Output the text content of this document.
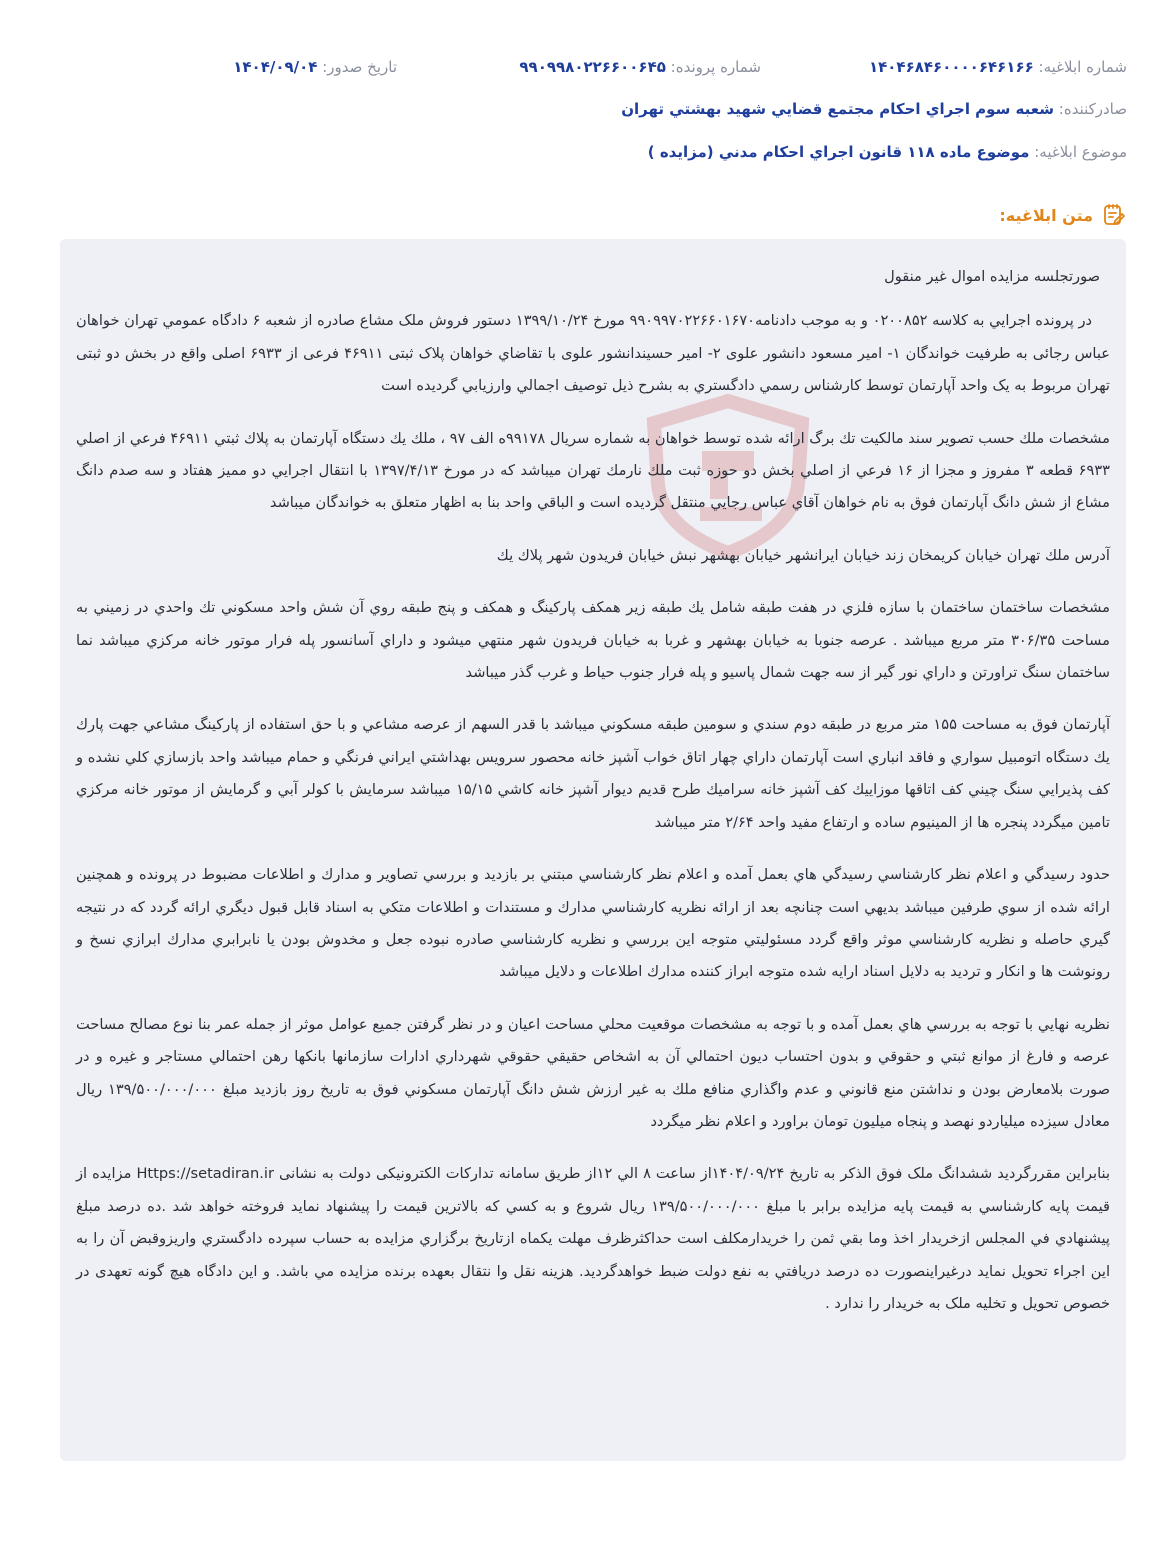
شماره ابلاغيه: ۱۴۰۴۶۸۴۶۰۰۰۰۶۴۶۱۶۶
شماره پرونده: ۹۹۰۹۹۸۰۲۲۶۶۰۰۶۴۵
تاريخ صدور: ۱۴۰۴/۰۹/۰۴
صادرکننده: شعبه سوم اجراي احكام مجتمع قضايي شهيد بهشتي تهران
موضوع ابلاغيه: موضوع ماده ۱۱۸ قانون اجراي احكام مدني (مزايده )
متن ابلاغيه:

صورتجلسه مزايده اموال غير منقول

در پرونده اجرايي به كلاسه ۰۲۰۰۸۵۲ و به موجب دادنامه۹۹۰۹۹۷۰۲۲۶۶۰۱۶۷۰ مورخ ۱۳۹۹/۱۰/۲۴ دستور فروش ملک مشاع صادره از شعبه ۶ دادگاه عمومي تهران خواهان عباس رجائی به طرفيت خواندگان ۱- امير مسعود دانشور علوی ۲- امير حسيندانشور علوی با تقاضاي خواهان پلاک ثبتی ۴۶۹۱۱ فرعی از ۶۹۳۳ اصلی واقع در بخش دو ثبتی تهران مربوط به یک واحد آپارتمان توسط كارشناس رسمي دادگستري به بشرح ذيل توصيف اجمالي وارزيابي گرديده است

مشخصات ملك حسب تصوير سند مالكيت تك برگ ارائه شده توسط خواهان به شماره سريال ۹۹۱۷۸ه الف ۹۷ ، ملك يك دستگاه آپارتمان به پلاك ثبتي ۴۶۹۱۱ فرعي از اصلي ۶۹۳۳ قطعه ۳ مفروز و مجزا از ۱۶ فرعي از اصلي بخش دو حوزه ثبت ملك نارمك تهران ميباشد كه در مورخ ۱۳۹۷/۴/۱۳ با انتقال اجرايي دو مميز هفتاد و سه صدم دانگ مشاع از شش دانگ آپارتمان فوق به نام خواهان آقاي عباس رجايي منتقل گرديده است و الباقي واحد بنا به اظهار متعلق به خواندگان ميباشد

آدرس ملك تهران خيابان كريمخان زند خيابان ايرانشهر خيابان بهشهر نبش خيابان فريدون شهر پلاك يك

مشخصات ساختمان ساختمان با سازه فلزي در هفت طبقه شامل يك طبقه زير همكف پاركينگ و همكف و پنج طبقه روي آن شش واحد مسكوني تك واحدي در زميني به مساحت ۳۰۶/۳۵ متر مربع ميباشد . عرصه جنوبا به خيابان بهشهر و غربا به خيابان فريدون شهر منتهي ميشود و داراي آسانسور پله فرار موتور خانه مركزي ميباشد نما ساختمان سنگ تراورتن و داراي نور گير از سه جهت شمال پاسيو و پله فرار جنوب حياط و غرب گذر ميباشد

آپارتمان فوق به مساحت ۱۵۵ متر مربع در طبقه دوم سندي و سومين طبقه مسكوني ميباشد با قدر السهم از عرصه مشاعي و با حق استفاده از پاركينگ مشاعي جهت پارك يك دستگاه اتومبيل سواري و فاقد انباري است آپارتمان داراي چهار اتاق خواب آشپز خانه محصور سرويس بهداشتي ايراني فرنگي و حمام ميباشد واحد بازسازي كلي نشده و كف پذيرايي سنگ چيني كف اتاقها موزاييك كف آشپز خانه سراميك طرح قديم ديوار آشپز خانه كاشي ۱۵/۱۵ ميباشد سرمايش با كولر آبي و گرمايش از موتور خانه مركزي تامين ميگردد پنجره ها از المينيوم ساده و ارتفاع مفيد واحد ۲/۶۴ متر ميباشد

حدود رسيدگي و اعلام نظر كارشناسي رسيدگي هاي بعمل آمده و اعلام نظر كارشناسي مبتني بر بازديد و بررسي تصاوير و مدارك و اطلاعات مضبوط در پرونده و همچنين ارائه شده از سوي طرفين ميباشد بديهي است چنانچه بعد از ارائه نظريه كارشناسي مدارك و مستندات و اطلاعات متكي به اسناد قابل قبول ديگري ارائه گردد كه در نتيجه گيري حاصله و نظريه كارشناسي موثر واقع گردد مسئوليتي متوجه اين بررسي و نظريه كارشناسي صادره نبوده جعل و مخدوش بودن يا نابرابري مدارك ابرازي نسخ و رونوشت ها و انكار و ترديد به دلايل اسناد ارايه شده متوجه ابراز كننده مدارك اطلاعات و دلايل ميباشد

نظريه نهايي با توجه به بررسي هاي بعمل آمده و با توجه به مشخصات موقعيت محلي مساحت اعيان و در نظر گرفتن جميع عوامل موثر از جمله عمر بنا نوع مصالح مساحت عرصه و فارغ از موانع ثبتي و حقوقي و بدون احتساب ديون احتمالي آن به اشخاص حقيقي حقوقي شهرداري ادارات سازمانها بانكها رهن احتمالي مستاجر و غيره و در صورت بلامعارض بودن و نداشتن منع قانوني و عدم واگذاري منافع ملك به غير ارزش شش دانگ آپارتمان مسكوني فوق به تاريخ روز بازديد مبلغ ۱۳۹/۵۰۰/۰۰۰/۰۰۰ ريال معادل سيزده ميلياردو نهصد و پنجاه ميليون تومان براورد و اعلام نظر ميگردد

بنابراين مقررگرديد ششدانگ ملک فوق الذکر به تاريخ ۱۴۰۴/۰۹/۲۴از ساعت ۸ الي ۱۲از طريق سامانه تدارکات الکترونيکی دولت به نشانی Https://setadiran.ir مزايده از قيمت پايه كارشناسي به قيمت پايه مزايده برابر با مبلغ ۱۳۹/۵۰۰/۰۰۰/۰۰۰ ريال شروع و به كسي كه بالاترين قيمت را پيشنهاد نمايد فروخته خواهد شد .ده درصد مبلغ پيشنهادي في المجلس ازخريدار اخذ وما بقي ثمن را خريدارمكلف است حداكثرظرف مهلت يكماه ازتاريخ برگزاري مزايده به حساب سپرده دادگستري واريزوقبض آن را به اين اجراء تحويل نمايد درغيراينصورت ده درصد دريافتي به نفع دولت ضبط خواهدگرديد. هزينه نقل وا نتقال بعهده برنده مزايده مي باشد. و اين دادگاه هيچ گونه تعهدی در خصوص تحويل و تخليه ملک به خريدار را ندارد .
